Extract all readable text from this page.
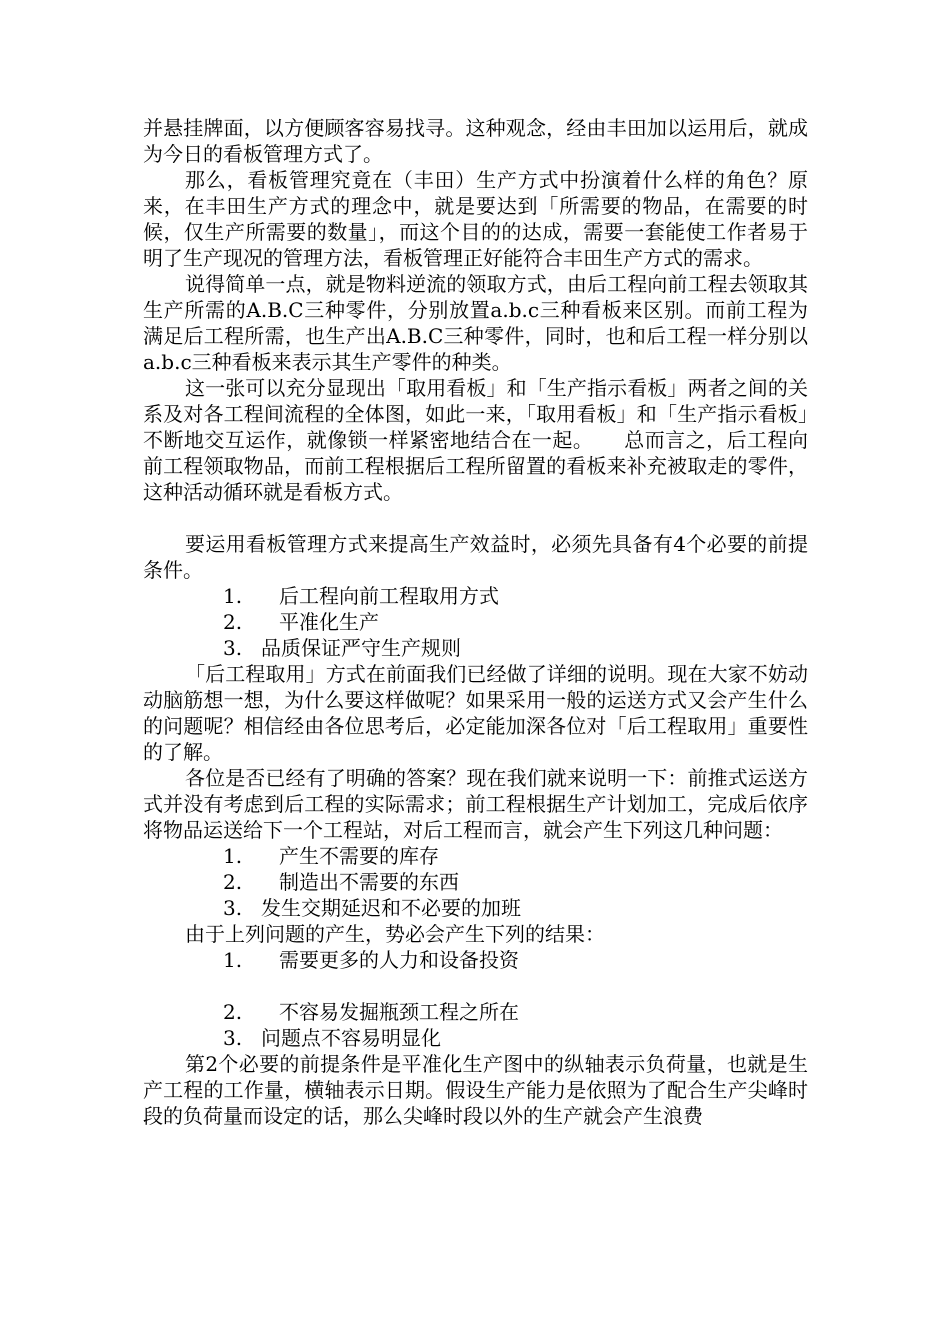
并悬挂牌面，以方便顾客容易找寻。这种观念，经由丰田加以运用后，就成为今日的看板管理方式了。

那么，看板管理究竟在（丰田）生产方式中扮演着什么样的角色？原来，在丰田生产方式的理念中，就是要达到「所需要的物品，在需要的时候，仅生产所需要的数量」，而这个目的的达成，需要一套能使工作者易于明了生产现况的管理方法，看板管理正好能符合丰田生产方式的需求。

说得简单一点，就是物料逆流的领取方式，由后工程向前工程去领取其生产所需的A.B.C三种零件，分别放置a.b.c三种看板来区别。而前工程为满足后工程所需，也生产出A.B.C三种零件，同时，也和后工程一样分别以a.b.c三种看板来表示其生产零件的种类。

这一张可以充分显现出「取用看板」和「生产指示看板」两者之间的关系及对各工程间流程的全体图，如此一来，「取用看板」和「生产指示看板」不断地交互运作，就像锁一样紧密地结合在一起。　　总而言之，后工程向前工程领取物品，而前工程根据后工程所留置的看板来补充被取走的零件，这种活动循环就是看板方式。

要运用看板管理方式来提高生产效益时，必须先具备有4个必要的前提条件。

1.	后工程向前工程取用方式
2.	平准化生产
3. 品质保证严守生产规则

「后工程取用」方式在前面我们已经做了详细的说明。现在大家不妨动动脑筋想一想，为什么要这样做呢？如果采用一般的运送方式又会产生什么的问题呢？相信经由各位思考后，必定能加深各位对「后工程取用」重要性的了解。

各位是否已经有了明确的答案？现在我们就来说明一下：前推式运送方式并没有考虑到后工程的实际需求；前工程根据生产计划加工，完成后依序将物品运送给下一个工程站，对后工程而言，就会产生下列这几种问题：

1.	产生不需要的库存
2.	制造出不需要的东西
3. 发生交期延迟和不必要的加班

由于上列问题的产生，势必会产生下列的结果：

1.	需要更多的人力和设备投资
2.	不容易发掘瓶颈工程之所在
3. 问题点不容易明显化

第2个必要的前提条件是平准化生产图中的纵轴表示负荷量，也就是生产工程的工作量，横轴表示日期。假设生产能力是依照为了配合生产尖峰时段的负荷量而设定的话，那么尖峰时段以外的生产就会产生浪费
